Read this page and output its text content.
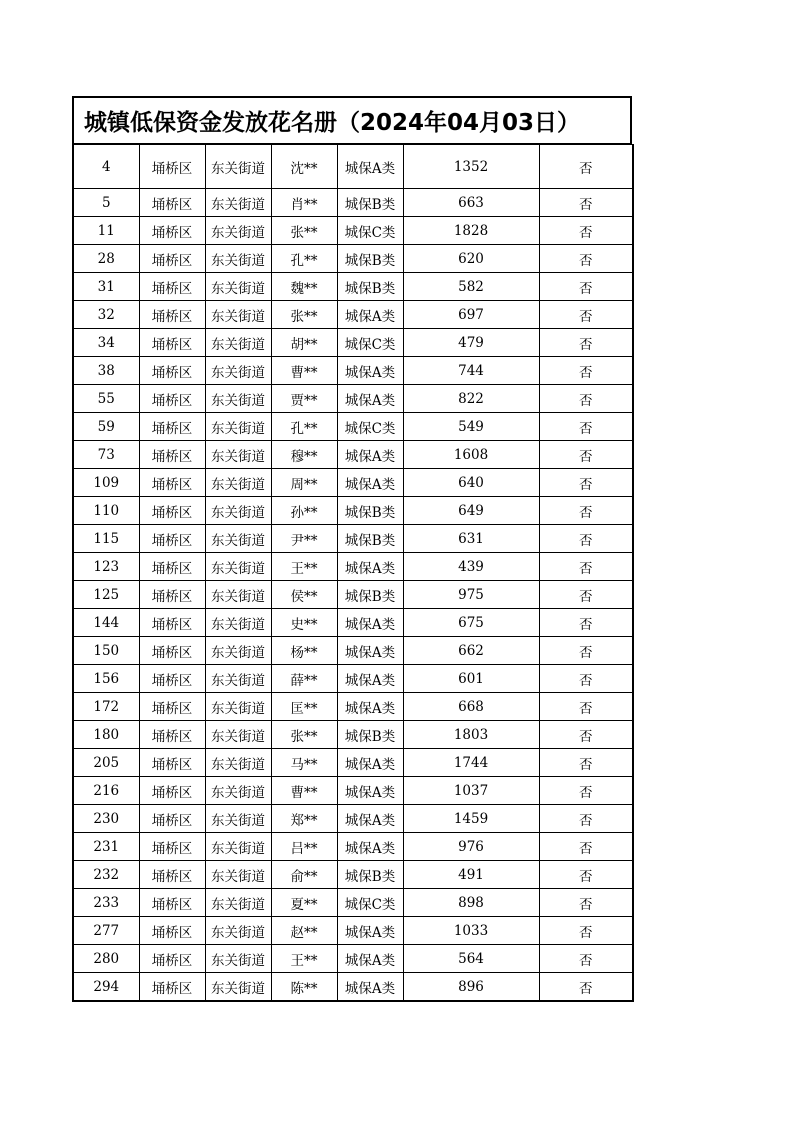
城镇低保资金发放花名册（2024年04月03日）
4	埇桥区	东关街道	沈**	城保A类	1352	否
5	埇桥区	东关街道	肖**	城保B类	663	否
11	埇桥区	东关街道	张**	城保C类	1828	否
28	埇桥区	东关街道	孔**	城保B类	620	否
31	埇桥区	东关街道	魏**	城保B类	582	否
32	埇桥区	东关街道	张**	城保A类	697	否
34	埇桥区	东关街道	胡**	城保C类	479	否
38	埇桥区	东关街道	曹**	城保A类	744	否
55	埇桥区	东关街道	贾**	城保A类	822	否
59	埇桥区	东关街道	孔**	城保C类	549	否
73	埇桥区	东关街道	穆**	城保A类	1608	否
109	埇桥区	东关街道	周**	城保A类	640	否
110	埇桥区	东关街道	孙**	城保B类	649	否
115	埇桥区	东关街道	尹**	城保B类	631	否
123	埇桥区	东关街道	王**	城保A类	439	否
125	埇桥区	东关街道	侯**	城保B类	975	否
144	埇桥区	东关街道	史**	城保A类	675	否
150	埇桥区	东关街道	杨**	城保A类	662	否
156	埇桥区	东关街道	薛**	城保A类	601	否
172	埇桥区	东关街道	匡**	城保A类	668	否
180	埇桥区	东关街道	张**	城保B类	1803	否
205	埇桥区	东关街道	马**	城保A类	1744	否
216	埇桥区	东关街道	曹**	城保A类	1037	否
230	埇桥区	东关街道	郑**	城保A类	1459	否
231	埇桥区	东关街道	吕**	城保A类	976	否
232	埇桥区	东关街道	俞**	城保B类	491	否
233	埇桥区	东关街道	夏**	城保C类	898	否
277	埇桥区	东关街道	赵**	城保A类	1033	否
280	埇桥区	东关街道	王**	城保A类	564	否
294	埇桥区	东关街道	陈**	城保A类	896	否
